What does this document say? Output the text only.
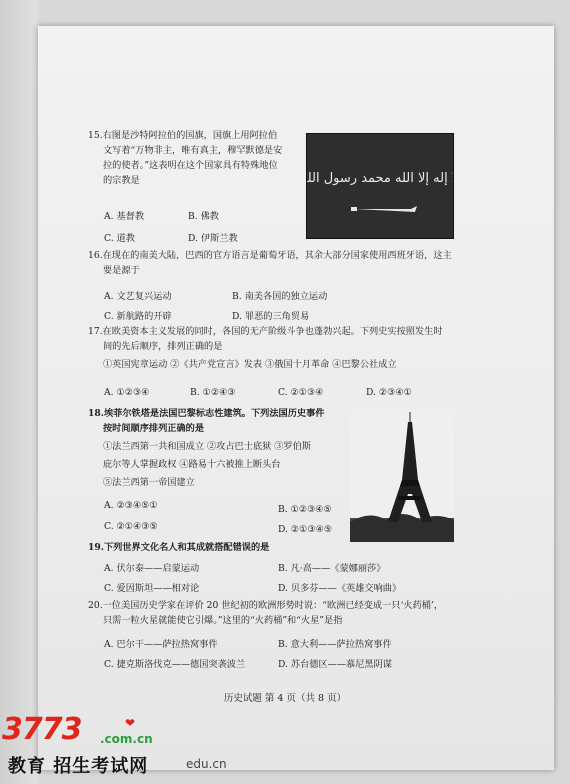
15.右图是沙特阿拉伯的国旗，国旗上用阿拉伯
文写着“万物非主，唯有真主，穆罕默德是安
拉的使者。”这表明在这个国家具有特殊地位
的宗教是
A. 基督教	B. 佛教
C. 道教	D. 伊斯兰教
لا إله إلا الله محمد رسول الله
16.在现在的南美大陆，巴西的官方语言是葡萄牙语，其余大部分国家使用西班牙语，这主
要是源于
A. 文艺复兴运动	B. 南美各国的独立运动
C. 新航路的开辟	D. 罪恶的三角贸易
17.在欧美资本主义发展的同时，各国的无产阶级斗争也蓬勃兴起。下列史实按照发生时
间的先后顺序，排列正确的是
①英国宪章运动 ②《共产党宣言》发表 ③俄国十月革命 ④巴黎公社成立
A. ①②③④	B. ①②④③	C. ②①③④	D. ②③④①
18.埃菲尔铁塔是法国巴黎标志性建筑。下列法国历史事件
按时间顺序排列正确的是
①法兰西第一共和国成立 ②攻占巴士底狱 ③罗伯斯
庇尔等人掌握政权 ④路易十六被推上断头台
⑤法兰西第一帝国建立
A. ②③④⑤①	B. ①②③④⑤
C. ②①④③⑤	D. ②①③④⑤
19.下列世界文化名人和其成就搭配错误的是
A. 伏尔泰——启蒙运动	B. 凡·高——《蒙娜丽莎》
C. 爱因斯坦——相对论	D. 贝多芬——《英雄交响曲》
20.一位美国历史学家在评价 20 世纪初的欧洲形势时说：“欧洲已经变成一只‘火药桶’，
只需一粒火星就能使它引爆。”这里的“火药桶”和“火星”是指
A. 巴尔干——萨拉热窝事件	B. 意大利——萨拉热窝事件
C. 捷克斯洛伐克——德国突袭波兰	D. 苏台德区——慕尼黑阴谋
历史试题 第 4 页（共 8 页）
3773	❤
.com.cn
教育 招生考试网	edu.cn
